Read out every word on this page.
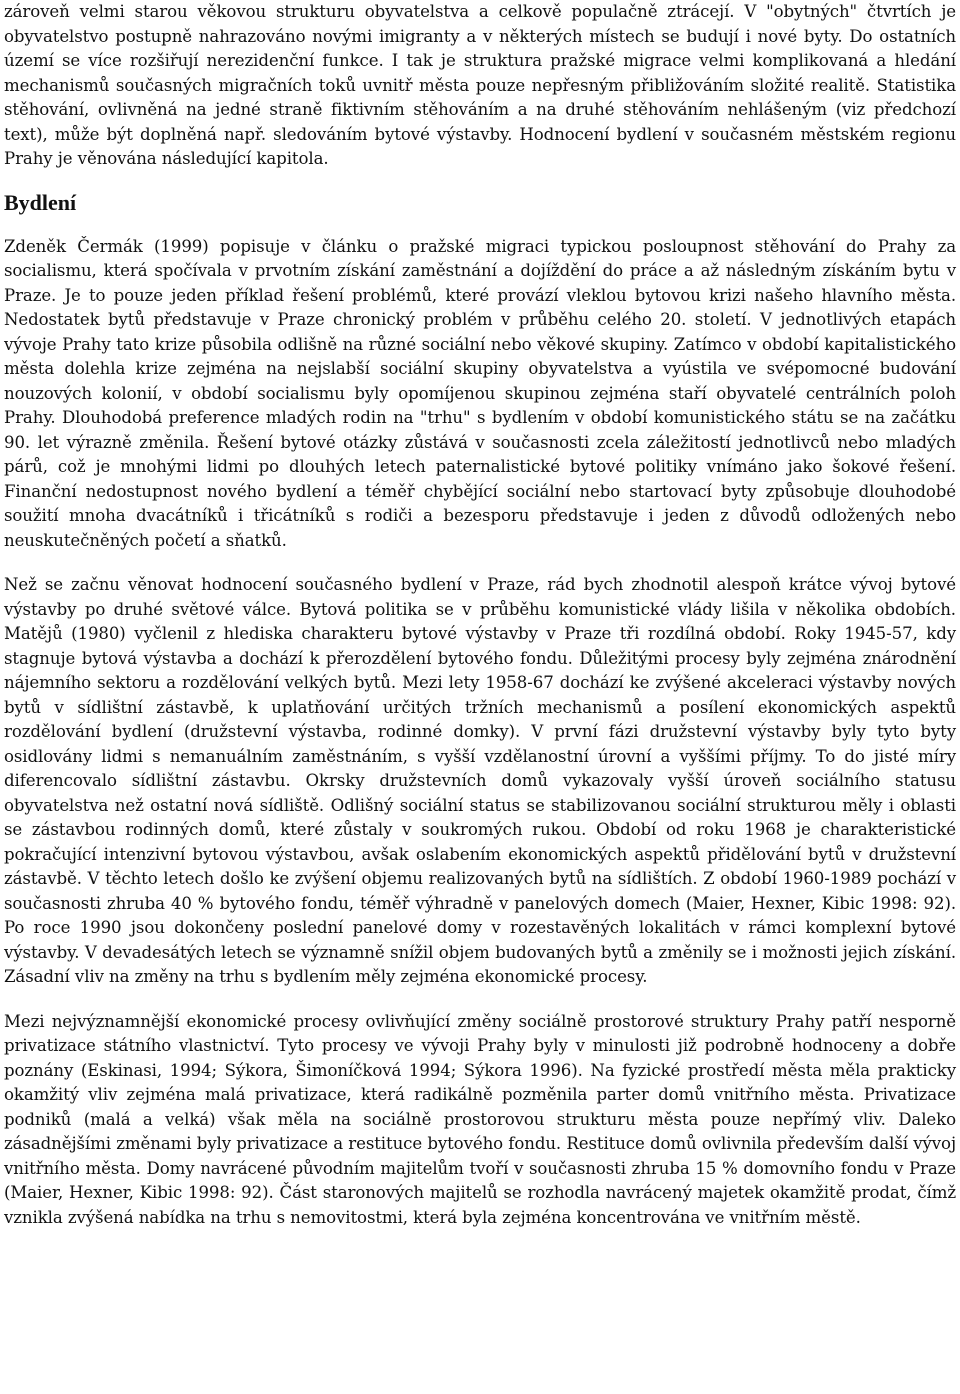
zároveň velmi starou věkovou strukturu obyvatelstva a celkově populačně ztrácejí. V "obytných" čtvrtích je obyvatelstvo postupně nahrazováno novými imigranty a v některých místech se budují i nové byty. Do ostatních území se více rozšiřují nerezidenční funkce. I tak je struktura pražské migrace velmi komplikovaná a hledání mechanismů současných migračních toků uvnitř města pouze nepřesným přibližováním složité realitě. Statistika stěhování, ovlivněná na jedné straně fiktivním stěhováním a na druhé stěhováním nehlášeným (viz předchozí text), může být doplněná např. sledováním bytové výstavby. Hodnocení bydlení v současném městském regionu Prahy je věnována následující kapitola.

Bydlení

Zdeněk Čermák (1999) popisuje v článku o pražské migraci typickou posloupnost stěhování do Prahy za socialismu, která spočívala v prvotním získání zaměstnání a dojíždění do práce a až následným získáním bytu v Praze. Je to pouze jeden příklad řešení problémů, které provází vleklou bytovou krizi našeho hlavního města. Nedostatek bytů představuje v Praze chronický problém v průběhu celého 20. století. V jednotlivých etapách vývoje Prahy tato krize působila odlišně na různé sociální nebo věkové skupiny. Zatímco v období kapitalistického města dolehla krize zejména na nejslabší sociální skupiny obyvatelstva a vyústila ve svépomocné budování nouzových kolonií, v období socialismu byly opomíjenou skupinou zejména staří obyvatelé centrálních poloh Prahy. Dlouhodobá preference mladých rodin na "trhu" s bydlením v období komunistického státu se na začátku 90. let výrazně změnila. Řešení bytové otázky zůstává v současnosti zcela záležitostí jednotlivců nebo mladých párů, což je mnohými lidmi po dlouhých letech paternalistické bytové politiky vnímáno jako šokové řešení. Finanční nedostupnost nového bydlení a téměř chybějící sociální nebo startovací byty způsobuje dlouhodobé soužití mnoha dvacátníků i třicátníků s rodiči a bezesporu představuje i jeden z důvodů odložených nebo neuskutečněných početí a sňatků.

Než se začnu věnovat hodnocení současného bydlení v Praze, rád bych zhodnotil alespoň krátce vývoj bytové výstavby po druhé světové válce. Bytová politika se v průběhu komunistické vlády lišila v několika obdobích. Matějů (1980) vyčlenil z hlediska charakteru bytové výstavby v Praze tři rozdílná období. Roky 1945-57, kdy stagnuje bytová výstavba a dochází k přerozdělení bytového fondu. Důležitými procesy byly zejména znárodnění nájemního sektoru a rozdělování velkých bytů. Mezi lety 1958-67 dochází ke zvýšené akceleraci výstavby nových bytů v sídlištní zástavbě, k uplatňování určitých tržních mechanismů a posílení ekonomických aspektů rozdělování bydlení (družstevní výstavba, rodinné domky). V první fázi družstevní výstavby byly tyto byty osidlovány lidmi s nemanuálním zaměstnáním, s vyšší vzdělanostní úrovní a vyššími příjmy. To do jisté míry diferencovalo sídlištní zástavbu. Okrsky družstevních domů vykazovaly vyšší úroveň sociálního statusu obyvatelstva než ostatní nová sídliště. Odlišný sociální status se stabilizovanou sociální strukturou měly i oblasti se zástavbou rodinných domů, které zůstaly v soukromých rukou. Období od roku 1968 je charakteristické pokračující intenzivní bytovou výstavbou, avšak oslabením ekonomických aspektů přidělování bytů v družstevní zástavbě. V těchto letech došlo ke zvýšení objemu realizovaných bytů na sídlištích. Z období 1960-1989 pochází v současnosti zhruba 40 % bytového fondu, téměř výhradně v panelových domech (Maier, Hexner, Kibic 1998: 92). Po roce 1990 jsou dokončeny poslední panelové domy v rozestavěných lokalitách v rámci komplexní bytové výstavby. V devadesátých letech se významně snížil objem budovaných bytů a změnily se i možnosti jejich získání. Zásadní vliv na změny na trhu s bydlením měly zejména ekonomické procesy.

Mezi nejvýznamnější ekonomické procesy ovlivňující změny sociálně prostorové struktury Prahy patří nesporně privatizace státního vlastnictví. Tyto procesy ve vývoji Prahy byly v minulosti již podrobně hodnoceny a dobře poznány (Eskinasi, 1994; Sýkora, Šimoníčková 1994; Sýkora 1996). Na fyzické prostředí města měla prakticky okamžitý vliv zejména malá privatizace, která radikálně pozměnila parter domů vnitřního města. Privatizace podniků (malá a velká) však měla na sociálně prostorovou strukturu města pouze nepřímý vliv. Daleko zásadnějšími změnami byly privatizace a restituce bytového fondu. Restituce domů ovlivnila především další vývoj vnitřního města. Domy navrácené původním majitelům tvoří v současnosti zhruba 15 % domovního fondu v Praze (Maier, Hexner, Kibic 1998: 92). Část staronových majitelů se rozhodla navrácený majetek okamžitě prodat, čímž vznikla zvýšená nabídka na trhu s nemovitostmi, která byla zejména koncentrována ve vnitřním městě.
